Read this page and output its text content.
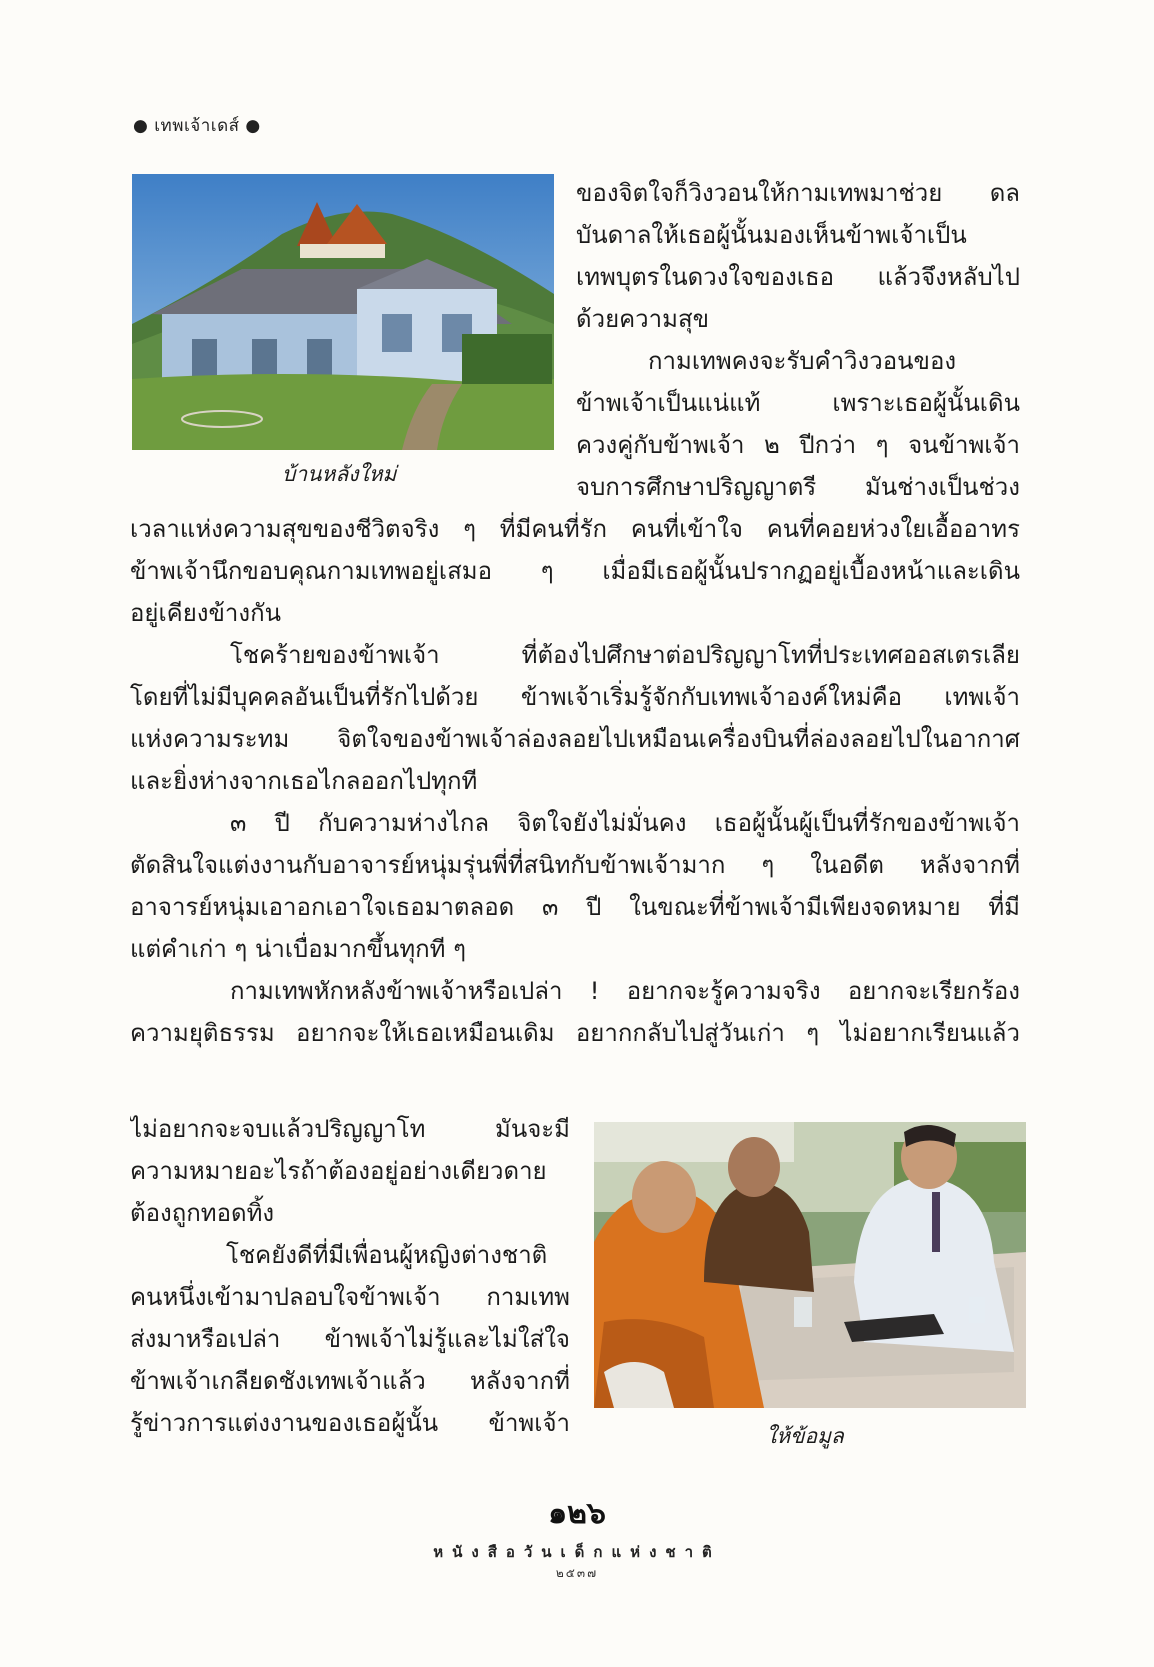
● เทพเจ้าเดส์ ●
บ้านหลังใหม่
ของจิตใจก็วิงวอนให้กามเทพมาช่วย ดล
บันดาลให้เธอผู้นั้นมองเห็นข้าพเจ้าเป็น
เทพบุตรในดวงใจของเธอ แล้วจึงหลับไป
ด้วยความสุข
กามเทพคงจะรับคำวิงวอนของ
ข้าพเจ้าเป็นแน่แท้ เพราะเธอผู้นั้นเดิน
ควงคู่กับข้าพเจ้า ๒ ปีกว่า ๆ จนข้าพเจ้า
จบการศึกษาปริญญาตรี มันช่างเป็นช่วง
เวลาแห่งความสุขของชีวิตจริง ๆ ที่มีคนที่รัก คนที่เข้าใจ คนที่คอยห่วงใยเอื้ออาทร
ข้าพเจ้านึกขอบคุณกามเทพอยู่เสมอ ๆ เมื่อมีเธอผู้นั้นปรากฏอยู่เบื้องหน้าและเดิน
อยู่เคียงข้างกัน
โชคร้ายของข้าพเจ้า ที่ต้องไปศึกษาต่อปริญญาโทที่ประเทศออสเตรเลีย
โดยที่ไม่มีบุคคลอันเป็นที่รักไปด้วย ข้าพเจ้าเริ่มรู้จักกับเทพเจ้าองค์ใหม่คือ เทพเจ้า
แห่งความระทม จิตใจของข้าพเจ้าล่องลอยไปเหมือนเครื่องบินที่ล่องลอยไปในอากาศ
และยิ่งห่างจากเธอไกลออกไปทุกที
๓ ปี กับความห่างไกล จิตใจยังไม่มั่นคง เธอผู้นั้นผู้เป็นที่รักของข้าพเจ้า
ตัดสินใจแต่งงานกับอาจารย์หนุ่มรุ่นพี่ที่สนิทกับข้าพเจ้ามาก ๆ ในอดีต หลังจากที่
อาจารย์หนุ่มเอาอกเอาใจเธอมาตลอด ๓ ปี ในขณะที่ข้าพเจ้ามีเพียงจดหมาย ที่มี
แต่คำเก่า ๆ น่าเบื่อมากขึ้นทุกที ๆ
กามเทพหักหลังข้าพเจ้าหรือเปล่า ! อยากจะรู้ความจริง อยากจะเรียกร้อง
ความยุติธรรม อยากจะให้เธอเหมือนเดิม อยากกลับไปสู่วันเก่า ๆ ไม่อยากเรียนแล้ว
ไม่อยากจะจบแล้วปริญญาโท มันจะมี
ความหมายอะไรถ้าต้องอยู่อย่างเดียวดาย
ต้องถูกทอดทิ้ง
โชคยังดีที่มีเพื่อนผู้หญิงต่างชาติ
คนหนึ่งเข้ามาปลอบใจข้าพเจ้า กามเทพ
ส่งมาหรือเปล่า ข้าพเจ้าไม่รู้และไม่ใส่ใจ
ข้าพเจ้าเกลียดชังเทพเจ้าแล้ว หลังจากที่
รู้ข่าวการแต่งงานของเธอผู้นั้น ข้าพเจ้า	ให้ข้อมูล
๑๒๖
หนังสือวันเด็กแห่งชาติ
๒๕๓๗
